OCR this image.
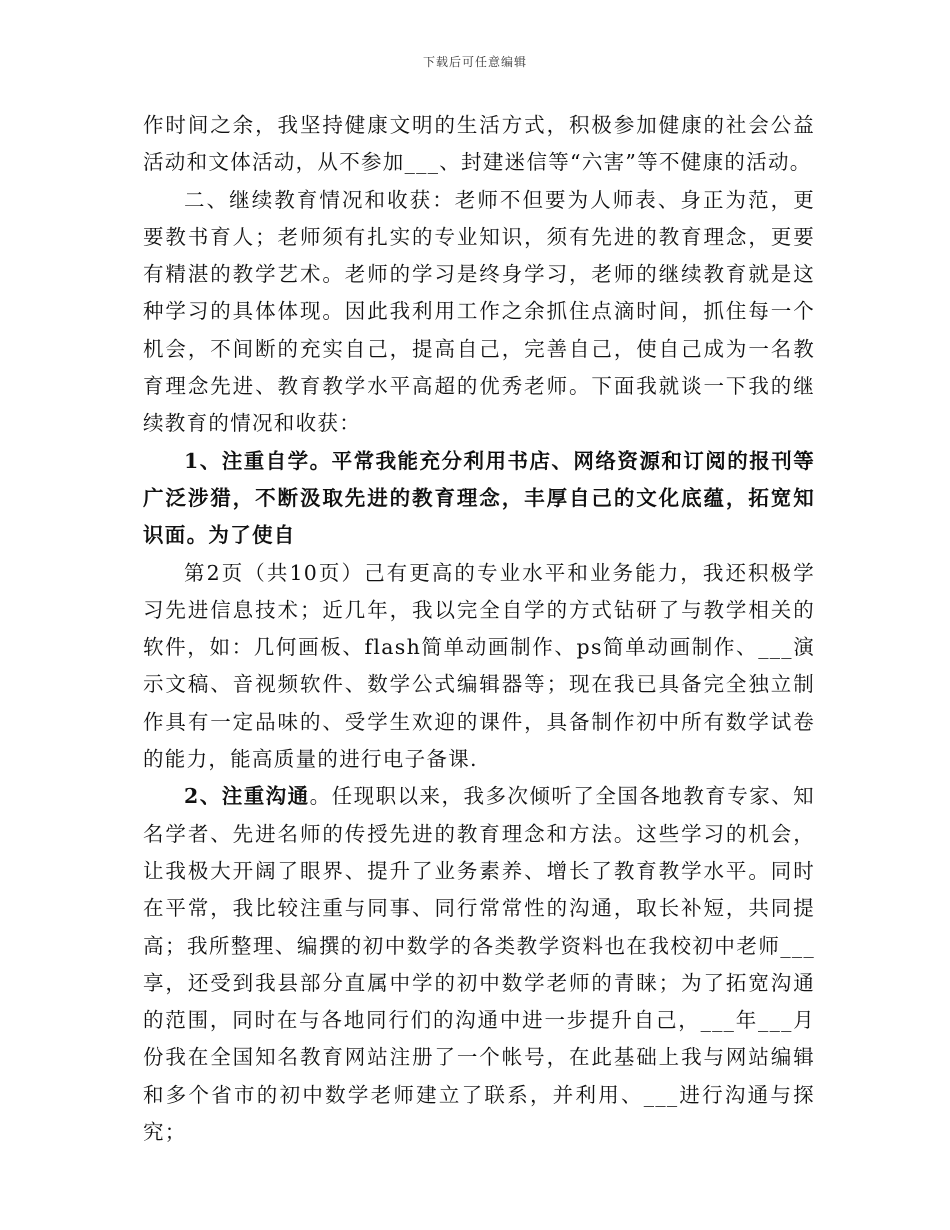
下载后可任意编辑

作时间之余，我坚持健康文明的生活方式，积极参加健康的社会公益活动和文体活动，从不参加___、封建迷信等“六害”等不健康的活动。

二、继续教育情况和收获：老师不但要为人师表、身正为范，更要教书育人；老师须有扎实的专业知识，须有先进的教育理念，更要有精湛的教学艺术。老师的学习是终身学习，老师的继续教育就是这种学习的具体体现。因此我利用工作之余抓住点滴时间，抓住每一个机会，不间断的充实自己，提高自己，完善自己，使自己成为一名教育理念先进、教育教学水平高超的优秀老师。下面我就谈一下我的继续教育的情况和收获：

1、注重自学。平常我能充分利用书店、网络资源和订阅的报刊等广泛涉猎，不断汲取先进的教育理念，丰厚自己的文化底蕴，拓宽知识面。为了使自

第2页（共10页）己有更高的专业水平和业务能力，我还积极学习先进信息技术；近几年，我以完全自学的方式钻研了与教学相关的软件，如：几何画板、flash简单动画制作、ps简单动画制作、___演示文稿、音视频软件、数学公式编辑器等；现在我已具备完全独立制作具有一定品味的、受学生欢迎的课件，具备制作初中所有数学试卷的能力，能高质量的进行电子备课.

2、注重沟通。任现职以来，我多次倾听了全国各地教育专家、知名学者、先进名师的传授先进的教育理念和方法。这些学习的机会，让我极大开阔了眼界、提升了业务素养、增长了教育教学水平。同时在平常，我比较注重与同事、同行常常性的沟通，取长补短，共同提高；我所整理、编撰的初中数学的各类教学资料也在我校初中老师___享，还受到我县部分直属中学的初中数学老师的青睐；为了拓宽沟通的范围，同时在与各地同行们的沟通中进一步提升自己，___年___月份我在全国知名教育网站注册了一个帐号，在此基础上我与网站编辑和多个省市的初中数学老师建立了联系，并利用、___进行沟通与探究；
